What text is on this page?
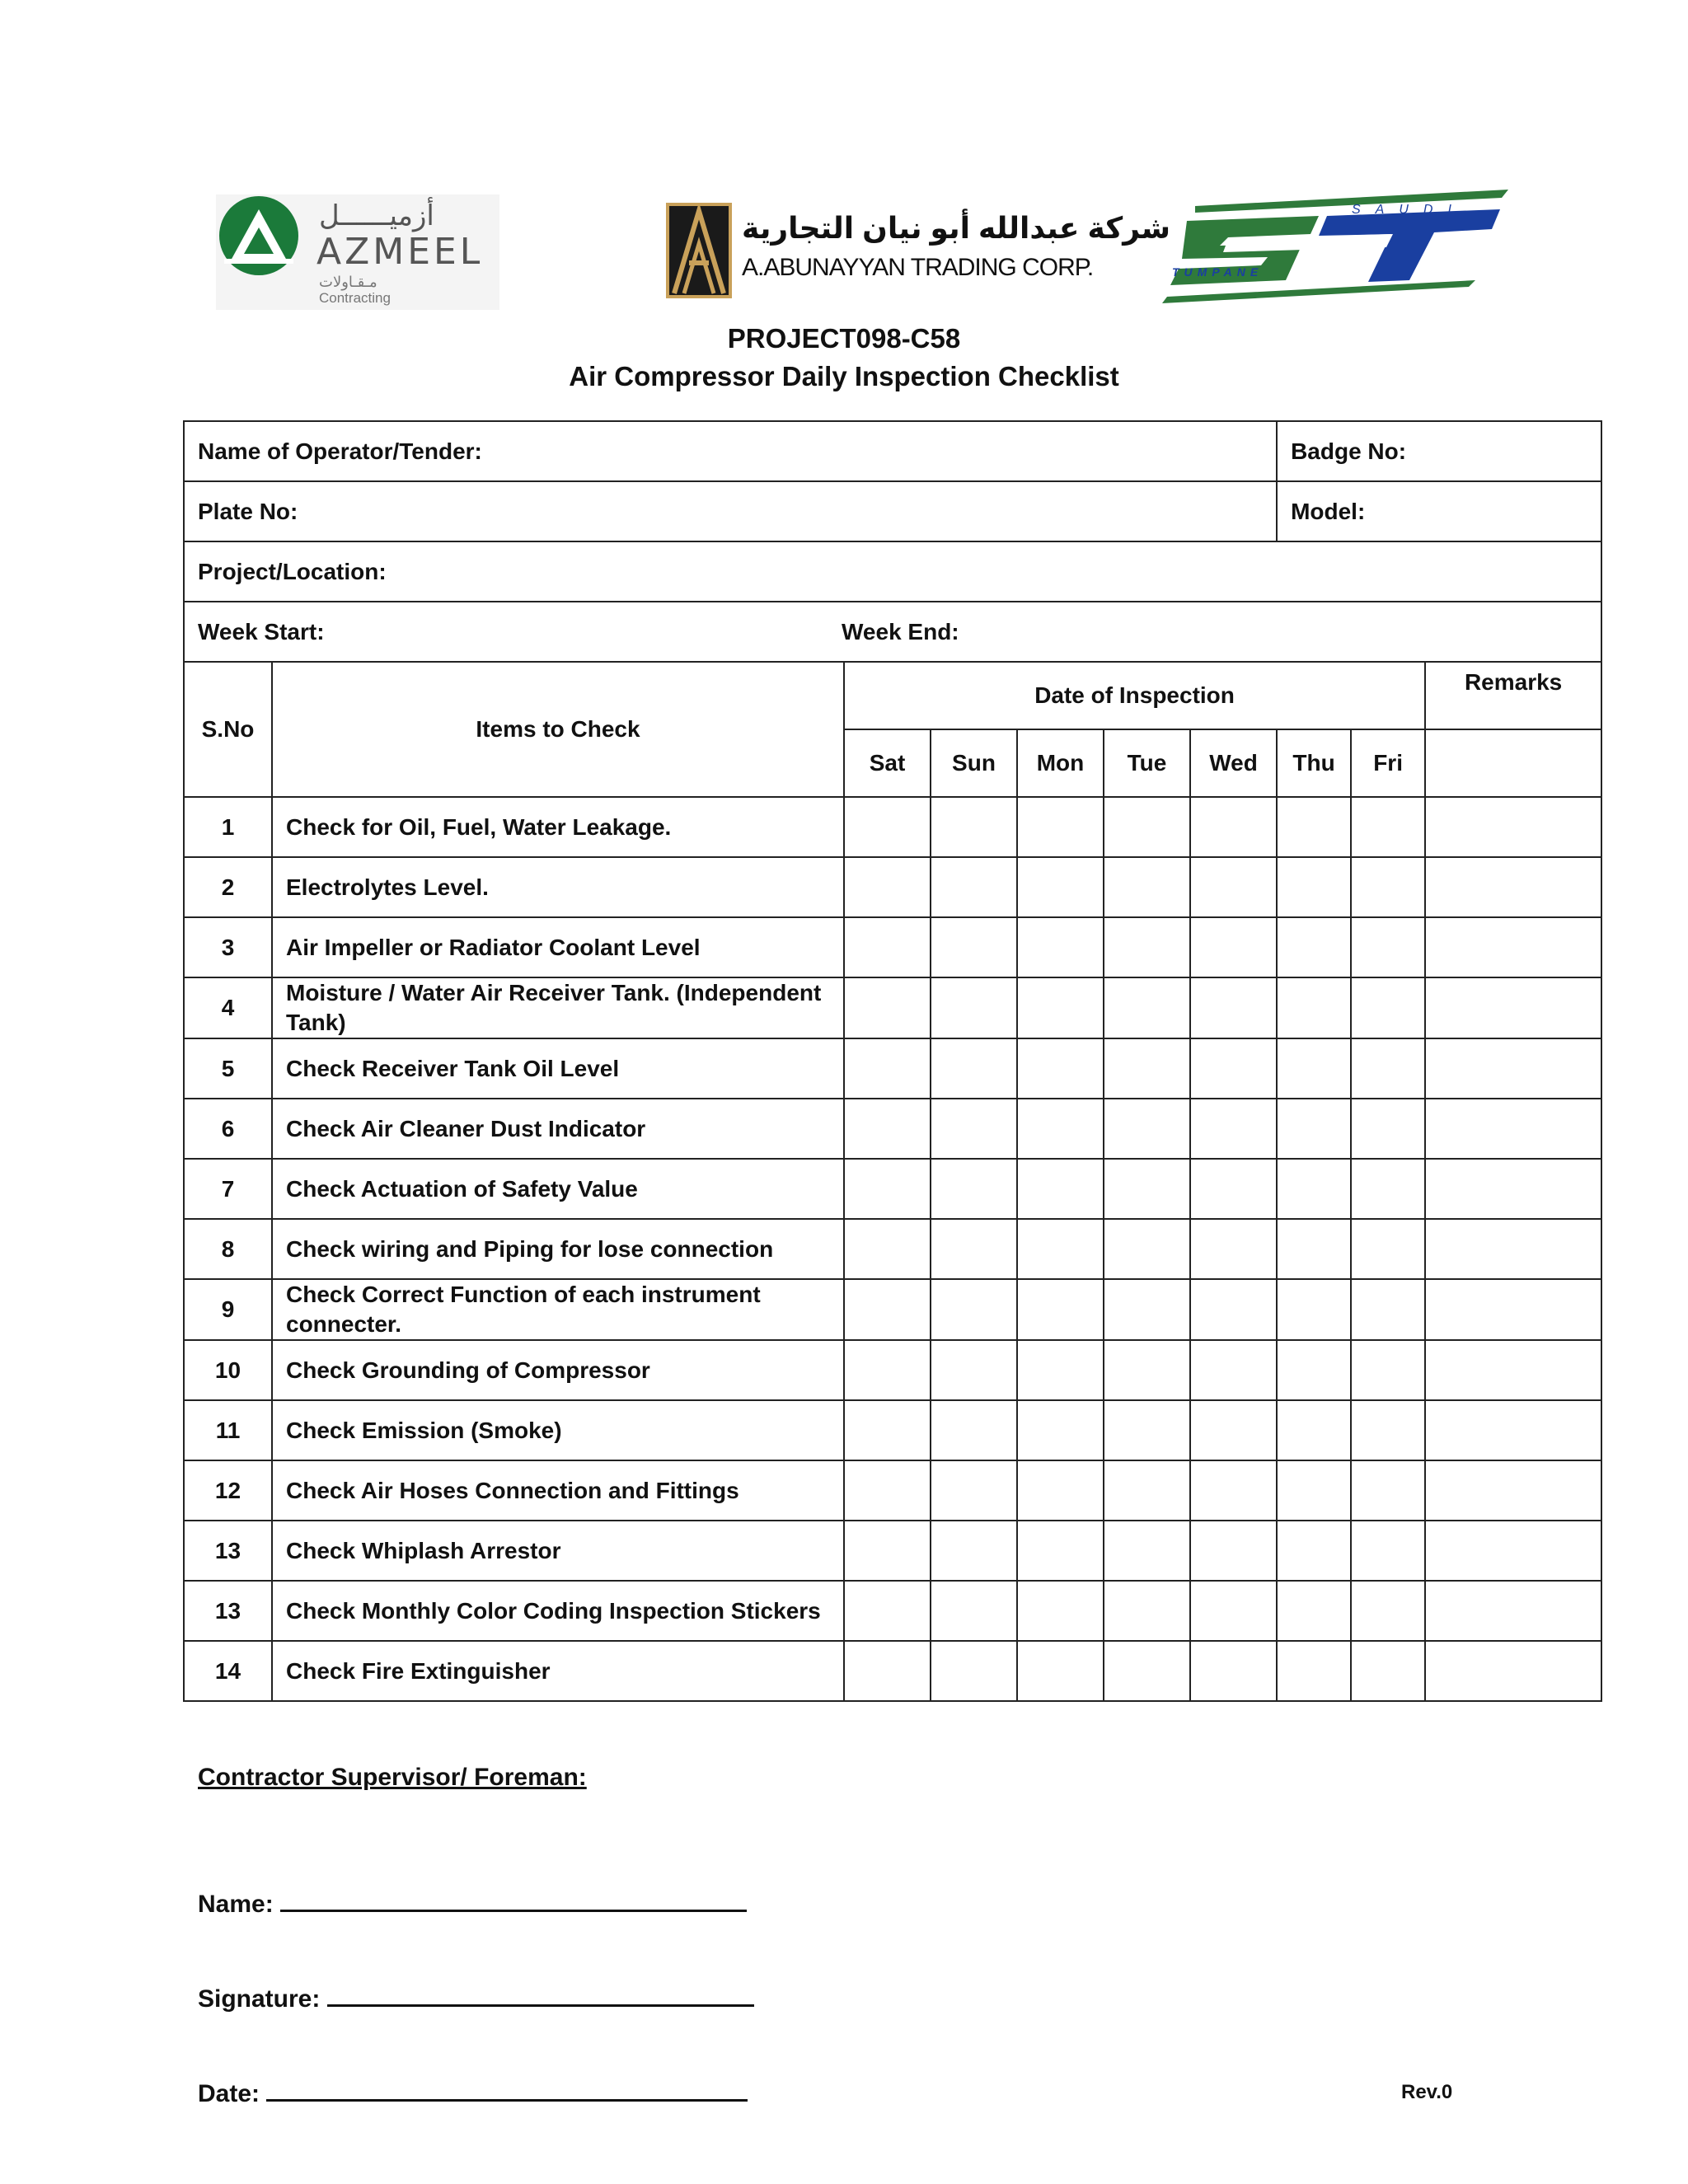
أزميــــــل
AZMEEL
مـقـاولات
Contracting
شركة عبدالله أبو نيان التجارية
A.ABUNAYYAN TRADING CORP.
SAUDI
TUMPANE
PROJECT098-C58
Air Compressor Daily Inspection Checklist
Name of Operator/Tender:							Badge No:		
Plate No:							Model:		
Project/Location:									
Week Start: Week End:									

S.No	Items to Check	Date of Inspection							Remarks
		Sat	Sun	Mon	Tue	Wed	Thu	Fri	
1	Check for Oil, Fuel, Water Leakage.								
2	Electrolytes Level.								
3	Air Impeller or Radiator Coolant Level								
4	Moisture / Water Air Receiver Tank. (Independent Tank)								
5	Check Receiver Tank Oil Level								
6	Check Air Cleaner Dust Indicator								
7	Check Actuation of Safety Value								
8	Check wiring and Piping for lose connection								
9	Check Correct Function of each instrument connecter.								
10	Check Grounding of Compressor								
11	Check Emission (Smoke)								
12	Check Air Hoses Connection and Fittings								
13	Check Whiplash Arrestor								
13	Check Monthly Color Coding Inspection Stickers								
14	Check Fire Extinguisher								
Contractor Supervisor/ Foreman:
Name:
Signature:
Date:	Rev.0
